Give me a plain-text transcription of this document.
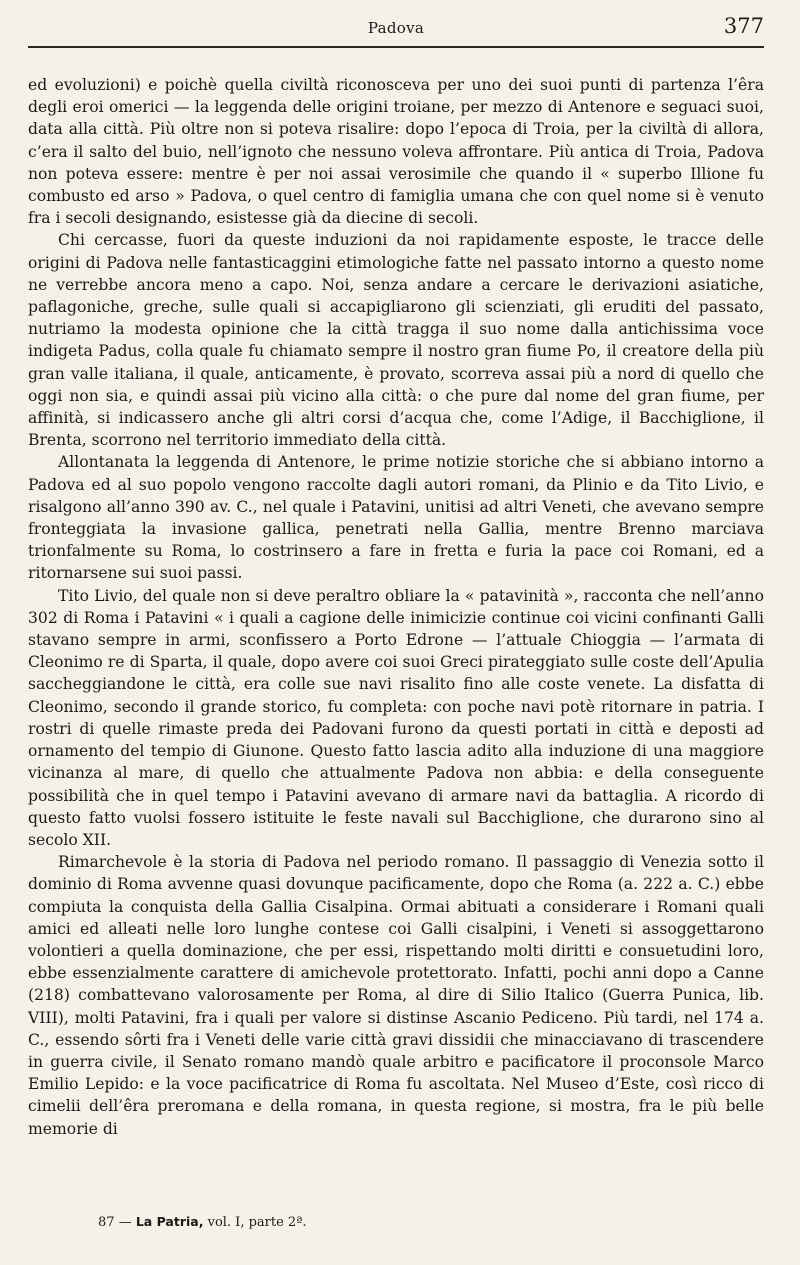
Padova	377

ed evoluzioni) e poichè quella civiltà riconosceva per uno dei suoi punti di partenza l’êra degli eroi omerici — la leggenda delle origini troiane, per mezzo di Antenore e seguaci suoi, data alla città. Più oltre non si poteva risalire: dopo l’epoca di Troia, per la civiltà di allora, c’era il salto del buio, nell’ignoto che nessuno voleva affrontare. Più antica di Troia, Padova non poteva essere: mentre è per noi assai verosimile che quando il « superbo Illione fu combusto ed arso » Padova, o quel centro di famiglia umana che con quel nome si è venuto fra i secoli designando, esistesse già da diecine di secoli.

Chi cercasse, fuori da queste induzioni da noi rapidamente esposte, le tracce delle origini di Padova nelle fantasticaggini etimologiche fatte nel passato intorno a questo nome ne verrebbe ancora meno a capo. Noi, senza andare a cercare le derivazioni asiatiche, paflagoniche, greche, sulle quali si accapigliarono gli scienziati, gli eruditi del passato, nutriamo la modesta opinione che la città tragga il suo nome dalla antichissima voce indigeta Padus, colla quale fu chiamato sempre il nostro gran fiume Po, il creatore della più gran valle italiana, il quale, anticamente, è provato, scorreva assai più a nord di quello che oggi non sia, e quindi assai più vicino alla città: o che pure dal nome del gran fiume, per affinità, si indicassero anche gli altri corsi d’acqua che, come l’Adige, il Bacchiglione, il Brenta, scorrono nel territorio immediato della città.

Allontanata la leggenda di Antenore, le prime notizie storiche che si abbiano intorno a Padova ed al suo popolo vengono raccolte dagli autori romani, da Plinio e da Tito Livio, e risalgono all’anno 390 av. C., nel quale i Patavini, unitisi ad altri Veneti, che avevano sempre fronteggiata la invasione gallica, penetrati nella Gallia, mentre Brenno marciava trionfalmente su Roma, lo costrinsero a fare in fretta e furia la pace coi Romani, ed a ritornarsene sui suoi passi.

Tito Livio, del quale non si deve peraltro obliare la « patavinità », racconta che nell’anno 302 di Roma i Patavini « i quali a cagione delle inimicizie continue coi vicini confinanti Galli stavano sempre in armi, sconfissero a Porto Edrone — l’attuale Chioggia — l’armata di Cleonimo re di Sparta, il quale, dopo avere coi suoi Greci pirateggiato sulle coste dell’Apulia saccheggiandone le città, era colle sue navi risalito fino alle coste venete. La disfatta di Cleonimo, secondo il grande storico, fu completa: con poche navi potè ritornare in patria. I rostri di quelle rimaste preda dei Padovani furono da questi portati in città e deposti ad ornamento del tempio di Giunone. Questo fatto lascia adito alla induzione di una maggiore vicinanza al mare, di quello che attualmente Padova non abbia: e della conseguente possibilità che in quel tempo i Patavini avevano di armare navi da battaglia. A ricordo di questo fatto vuolsi fossero istituite le feste navali sul Bacchiglione, che durarono sino al secolo XII.

Rimarchevole è la storia di Padova nel periodo romano. Il passaggio di Venezia sotto il dominio di Roma avvenne quasi dovunque pacificamente, dopo che Roma (a. 222 a. C.) ebbe compiuta la conquista della Gallia Cisalpina. Ormai abituati a considerare i Romani quali amici ed alleati nelle loro lunghe contese coi Galli cisalpini, i Veneti si assoggettarono volontieri a quella dominazione, che per essi, rispettando molti diritti e consuetudini loro, ebbe essenzialmente carattere di amichevole protettorato. Infatti, pochi anni dopo a Canne (218) combattevano valorosamente per Roma, al dire di Silio Italico (Guerra Punica, lib. VIII), molti Patavini, fra i quali per valore si distinse Ascanio Pediceno. Più tardi, nel 174 a. C., essendo sôrti fra i Veneti delle varie città gravi dissidii che minacciavano di trascendere in guerra civile, il Senato romano mandò quale arbitro e pacificatore il proconsole Marco Emilio Lepido: e la voce pacificatrice di Roma fu ascoltata. Nel Museo d’Este, così ricco di cimelii dell’êra preromana e della romana, in questa regione, si mostra, fra le più belle memorie di

87 — La Patria, vol. I, parte 2ª.
